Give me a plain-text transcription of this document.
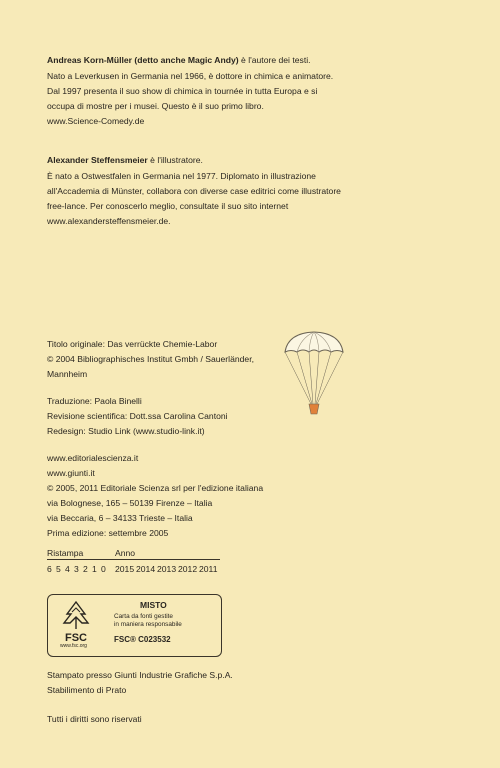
Andreas Korn-Müller (detto anche Magic Andy) è l'autore dei testi.
Nato a Leverkusen in Germania nel 1966, è dottore in chimica e animatore.
Dal 1997 presenta il suo show di chimica in tournée in tutta Europa e si
occupa di mostre per i musei. Questo è il suo primo libro.
www.Science-Comedy.de
Alexander Steffensmeier è l'illustratore.
È nato a Ostwestfalen in Germania nel 1977. Diplomato in illustrazione
all'Accademia di Münster, collabora con diverse case editrici come illustratore
free-lance. Per conoscerlo meglio, consultate il suo sito internet
www.alexandersteffensmeier.de.
Titolo originale: Das verrückte Chemie-Labor
© 2004 Bibliographisches Institut Gmbh / Sauerländer,
Mannheim
Traduzione: Paola Binelli
Revisione scientifica: Dott.ssa Carolina Cantoni
Redesign: Studio Link (www.studio-link.it)
www.editorialescienza.it
www.giunti.it
© 2005, 2011 Editoriale Scienza srl per l'edizione italiana
via Bolognese, 165 – 50139 Firenze – Italia
via Beccaria, 6 – 34133 Trieste – Italia
Prima edizione: settembre 2005
Ristampa	Anno
6 5 4 3 2 1 0 2015 2014 2013 2012 2011
FSC
www.fsc.org
MISTO
Carta da fonti gestite
in maniera responsabile
FSC® C023532
Stampato presso Giunti Industrie Grafiche S.p.A.
Stabilimento di Prato
Tutti i diritti sono riservati
